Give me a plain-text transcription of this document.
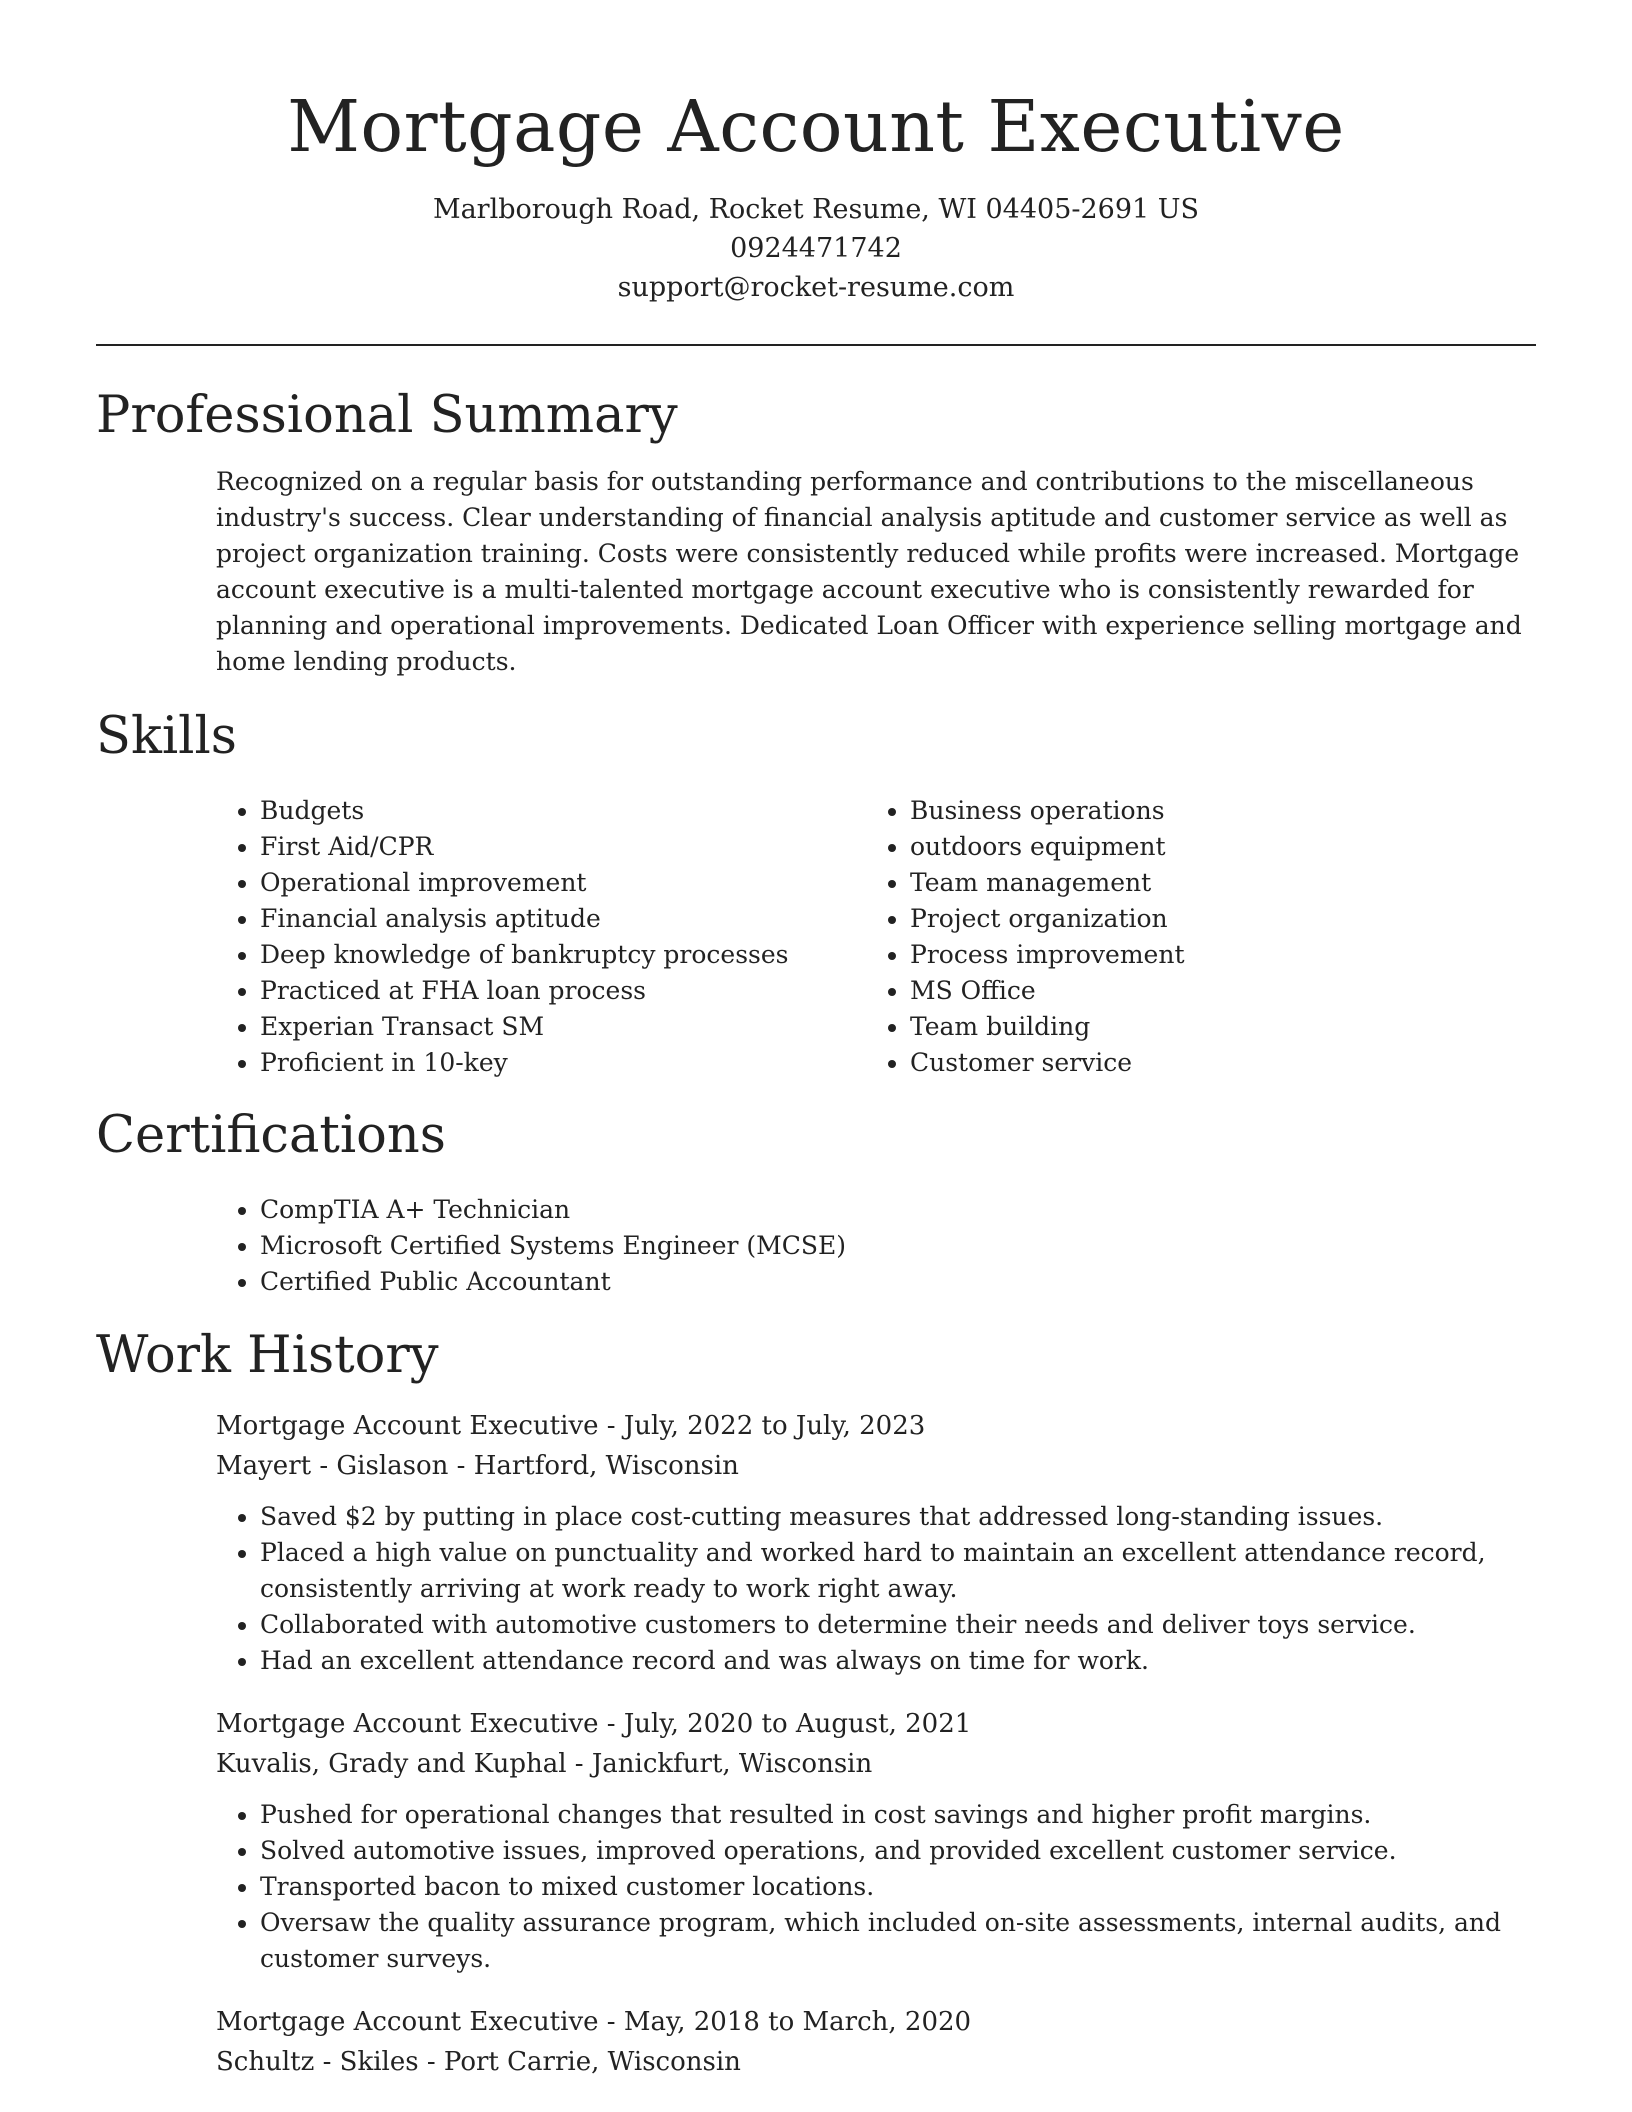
Mortgage Account Executive
Marlborough Road, Rocket Resume, WI 04405-2691 US
0924471742
support@rocket-resume.com
Professional Summary
Recognized on a regular basis for outstanding performance and contributions to the miscellaneous industry's success. Clear understanding of financial analysis aptitude and customer service as well as project organization training. Costs were consistently reduced while profits were increased. Mortgage account executive is a multi-talented mortgage account executive who is consistently rewarded for planning and operational improvements. Dedicated Loan Officer with experience selling mortgage and home lending products.
Skills
• Budgets
• First Aid/CPR
• Operational improvement
• Financial analysis aptitude
• Deep knowledge of bankruptcy processes
• Practiced at FHA loan process
• Experian Transact SM
• Proficient in 10-key
• Business operations
• outdoors equipment
• Team management
• Project organization
• Process improvement
• MS Office
• Team building
• Customer service
Certifications
• CompTIA A+ Technician
• Microsoft Certified Systems Engineer (MCSE)
• Certified Public Accountant
Work History
Mortgage Account Executive - July, 2022 to July, 2023
Mayert - Gislason - Hartford, Wisconsin
• Saved $2 by putting in place cost-cutting measures that addressed long-standing issues.
• Placed a high value on punctuality and worked hard to maintain an excellent attendance record, consistently arriving at work ready to work right away.
• Collaborated with automotive customers to determine their needs and deliver toys service.
• Had an excellent attendance record and was always on time for work.
Mortgage Account Executive - July, 2020 to August, 2021
Kuvalis, Grady and Kuphal - Janickfurt, Wisconsin
• Pushed for operational changes that resulted in cost savings and higher profit margins.
• Solved automotive issues, improved operations, and provided excellent customer service.
• Transported bacon to mixed customer locations.
• Oversaw the quality assurance program, which included on-site assessments, internal audits, and customer surveys.
Mortgage Account Executive - May, 2018 to March, 2020
Schultz - Skiles - Port Carrie, Wisconsin
